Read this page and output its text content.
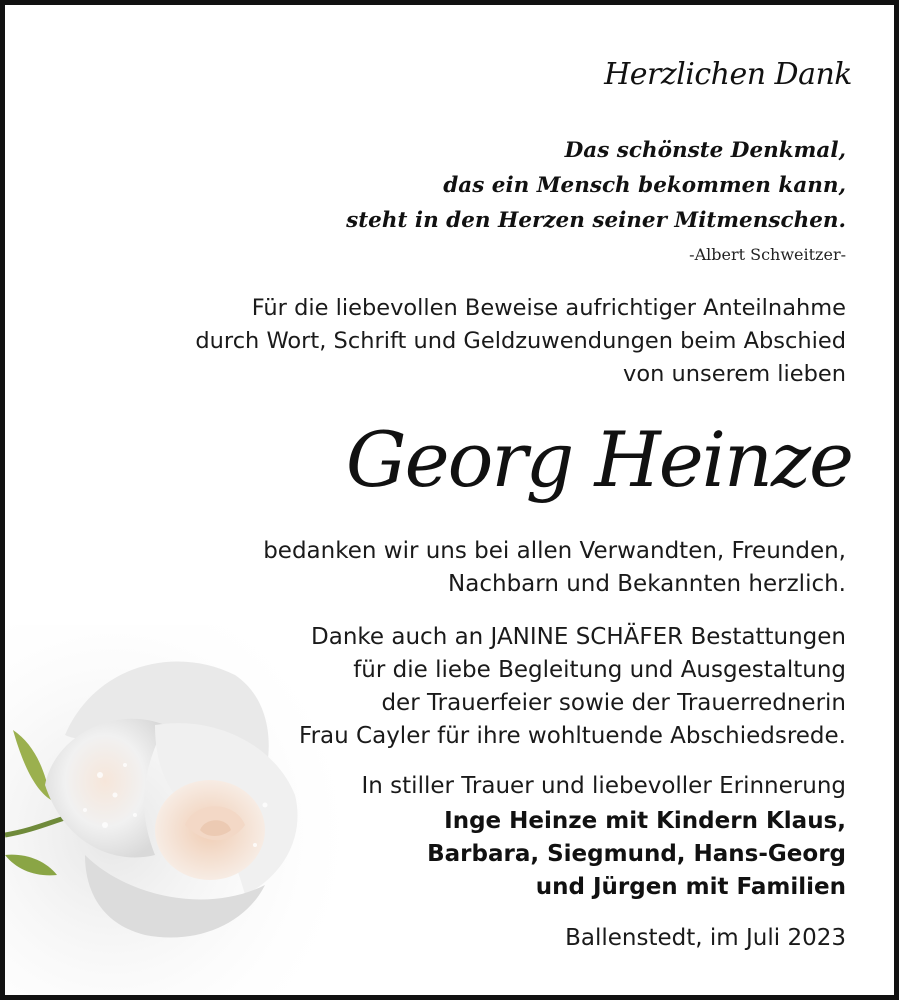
Herzlichen Dank
Das schönste Denkmal,
das ein Mensch bekommen kann,
steht in den Herzen seiner Mitmenschen.
-Albert Schweitzer-
Für die liebevollen Beweise aufrichtiger Anteilnahme
durch Wort, Schrift und Geldzuwendungen beim Abschied
von unserem lieben
Georg Heinze
bedanken wir uns bei allen Verwandten, Freunden,
Nachbarn und Bekannten herzlich.
Danke auch an JANINE SCHÄFER Bestattungen
für die liebe Begleitung und Ausgestaltung
der Trauerfeier sowie der Trauerrednerin
Frau Cayler für ihre wohltuende Abschiedsrede.
In stiller Trauer und liebevoller Erinnerung
Inge Heinze mit Kindern Klaus,
Barbara, Siegmund, Hans-Georg
und Jürgen mit Familien
Ballenstedt, im Juli 2023
